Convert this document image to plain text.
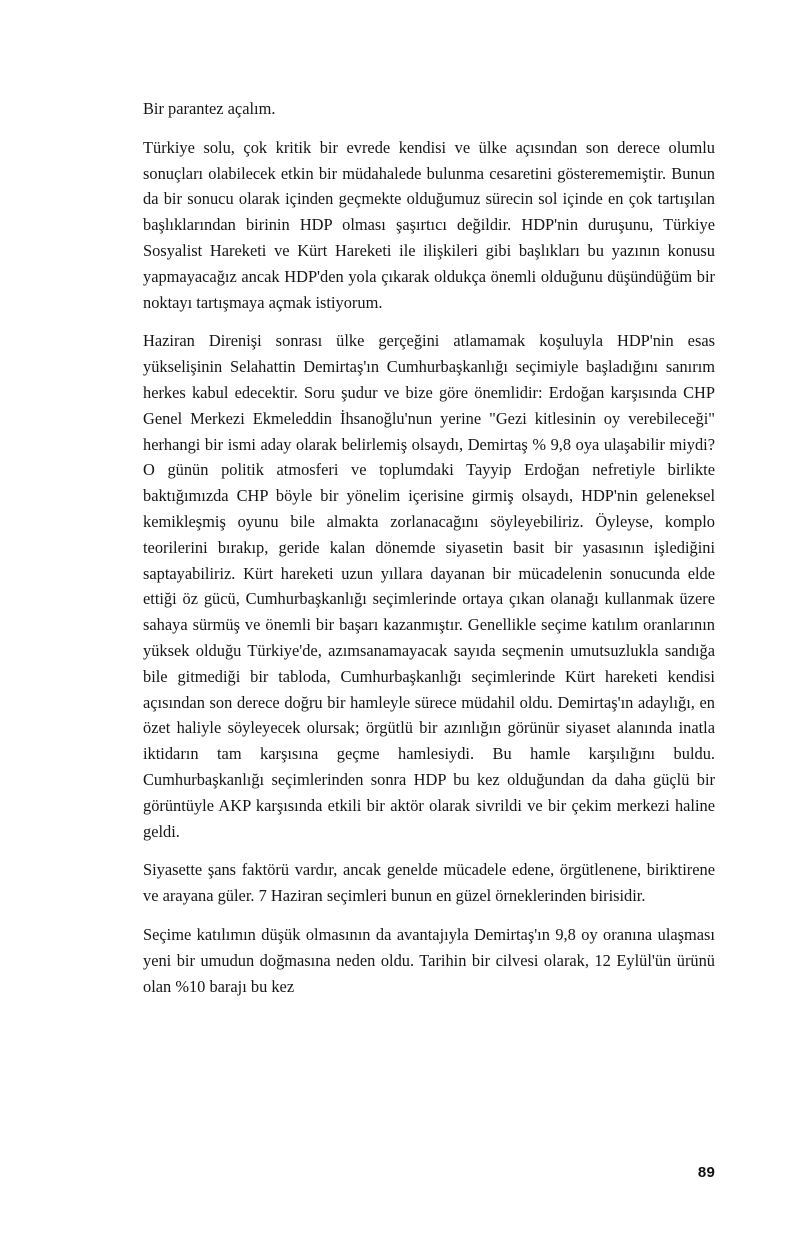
Bir parantez açalım.

Türkiye solu, çok kritik bir evrede kendisi ve ülke açısından son derece olumlu sonuçları olabilecek etkin bir müdahalede bulunma cesaretini gösterememiştir. Bunun da bir sonucu olarak içinden geçmekte olduğumuz sürecin sol içinde en çok tartışılan başlıklarından birinin HDP olması şaşırtıcı değildir. HDP'nin duruşunu, Türkiye Sosyalist Hareketi ve Kürt Hareketi ile ilişkileri gibi başlıkları bu yazının konusu yapmayacağız ancak HDP'den yola çıkarak oldukça önemli olduğunu düşündüğüm bir noktayı tartışmaya açmak istiyorum.

Haziran Direnişi sonrası ülke gerçeğini atlamamak koşuluyla HDP'nin esas yükselişinin Selahattin Demirtaş'ın Cumhurbaşkanlığı seçimiyle başladığını sanırım herkes kabul edecektir. Soru şudur ve bize göre önemlidir: Erdoğan karşısında CHP Genel Merkezi Ekmeleddin İhsanoğlu'nun yerine "Gezi kitlesinin oy verebileceği" herhangi bir ismi aday olarak belirlemiş olsaydı, Demirtaş % 9,8 oya ulaşabilir miydi? O günün politik atmosferi ve toplumdaki Tayyip Erdoğan nefretiyle birlikte baktığımızda CHP böyle bir yönelim içerisine girmiş olsaydı, HDP'nin geleneksel kemikleşmiş oyunu bile almakta zorlanacağını söyleyebiliriz. Öyleyse, komplo teorilerini bırakıp, geride kalan dönemde siyasetin basit bir yasasının işlediğini saptayabiliriz. Kürt hareketi uzun yıllara dayanan bir mücadelenin sonucunda elde ettiği öz gücü, Cumhurbaşkanlığı seçimlerinde ortaya çıkan olanağı kullanmak üzere sahaya sürmüş ve önemli bir başarı kazanmıştır. Genellikle seçime katılım oranlarının yüksek olduğu Türkiye'de, azımsanamayacak sayıda seçmenin umutsuzlukla sandığa bile gitmediği bir tabloda, Cumhurbaşkanlığı seçimlerinde Kürt hareketi kendisi açısından son derece doğru bir hamleyle sürece müdahil oldu. Demirtaş'ın adaylığı, en özet haliyle söyleyecek olursak; örgütlü bir azınlığın görünür siyaset alanında inatla iktidarın tam karşısına geçme hamlesiydi. Bu hamle karşılığını buldu. Cumhurbaşkanlığı seçimlerinden sonra HDP bu kez olduğundan da daha güçlü bir görüntüyle AKP karşısında etkili bir aktör olarak sivrildi ve bir çekim merkezi haline geldi.

Siyasette şans faktörü vardır, ancak genelde mücadele edene, örgütlenene, biriktirene ve arayana güler. 7 Haziran seçimleri bunun en güzel örneklerinden birisidir.

Seçime katılımın düşük olmasının da avantajıyla Demirtaş'ın 9,8 oy oranına ulaşması yeni bir umudun doğmasına neden oldu. Tarihin bir cilvesi olarak, 12 Eylül'ün ürünü olan %10 barajı bu kez

89
